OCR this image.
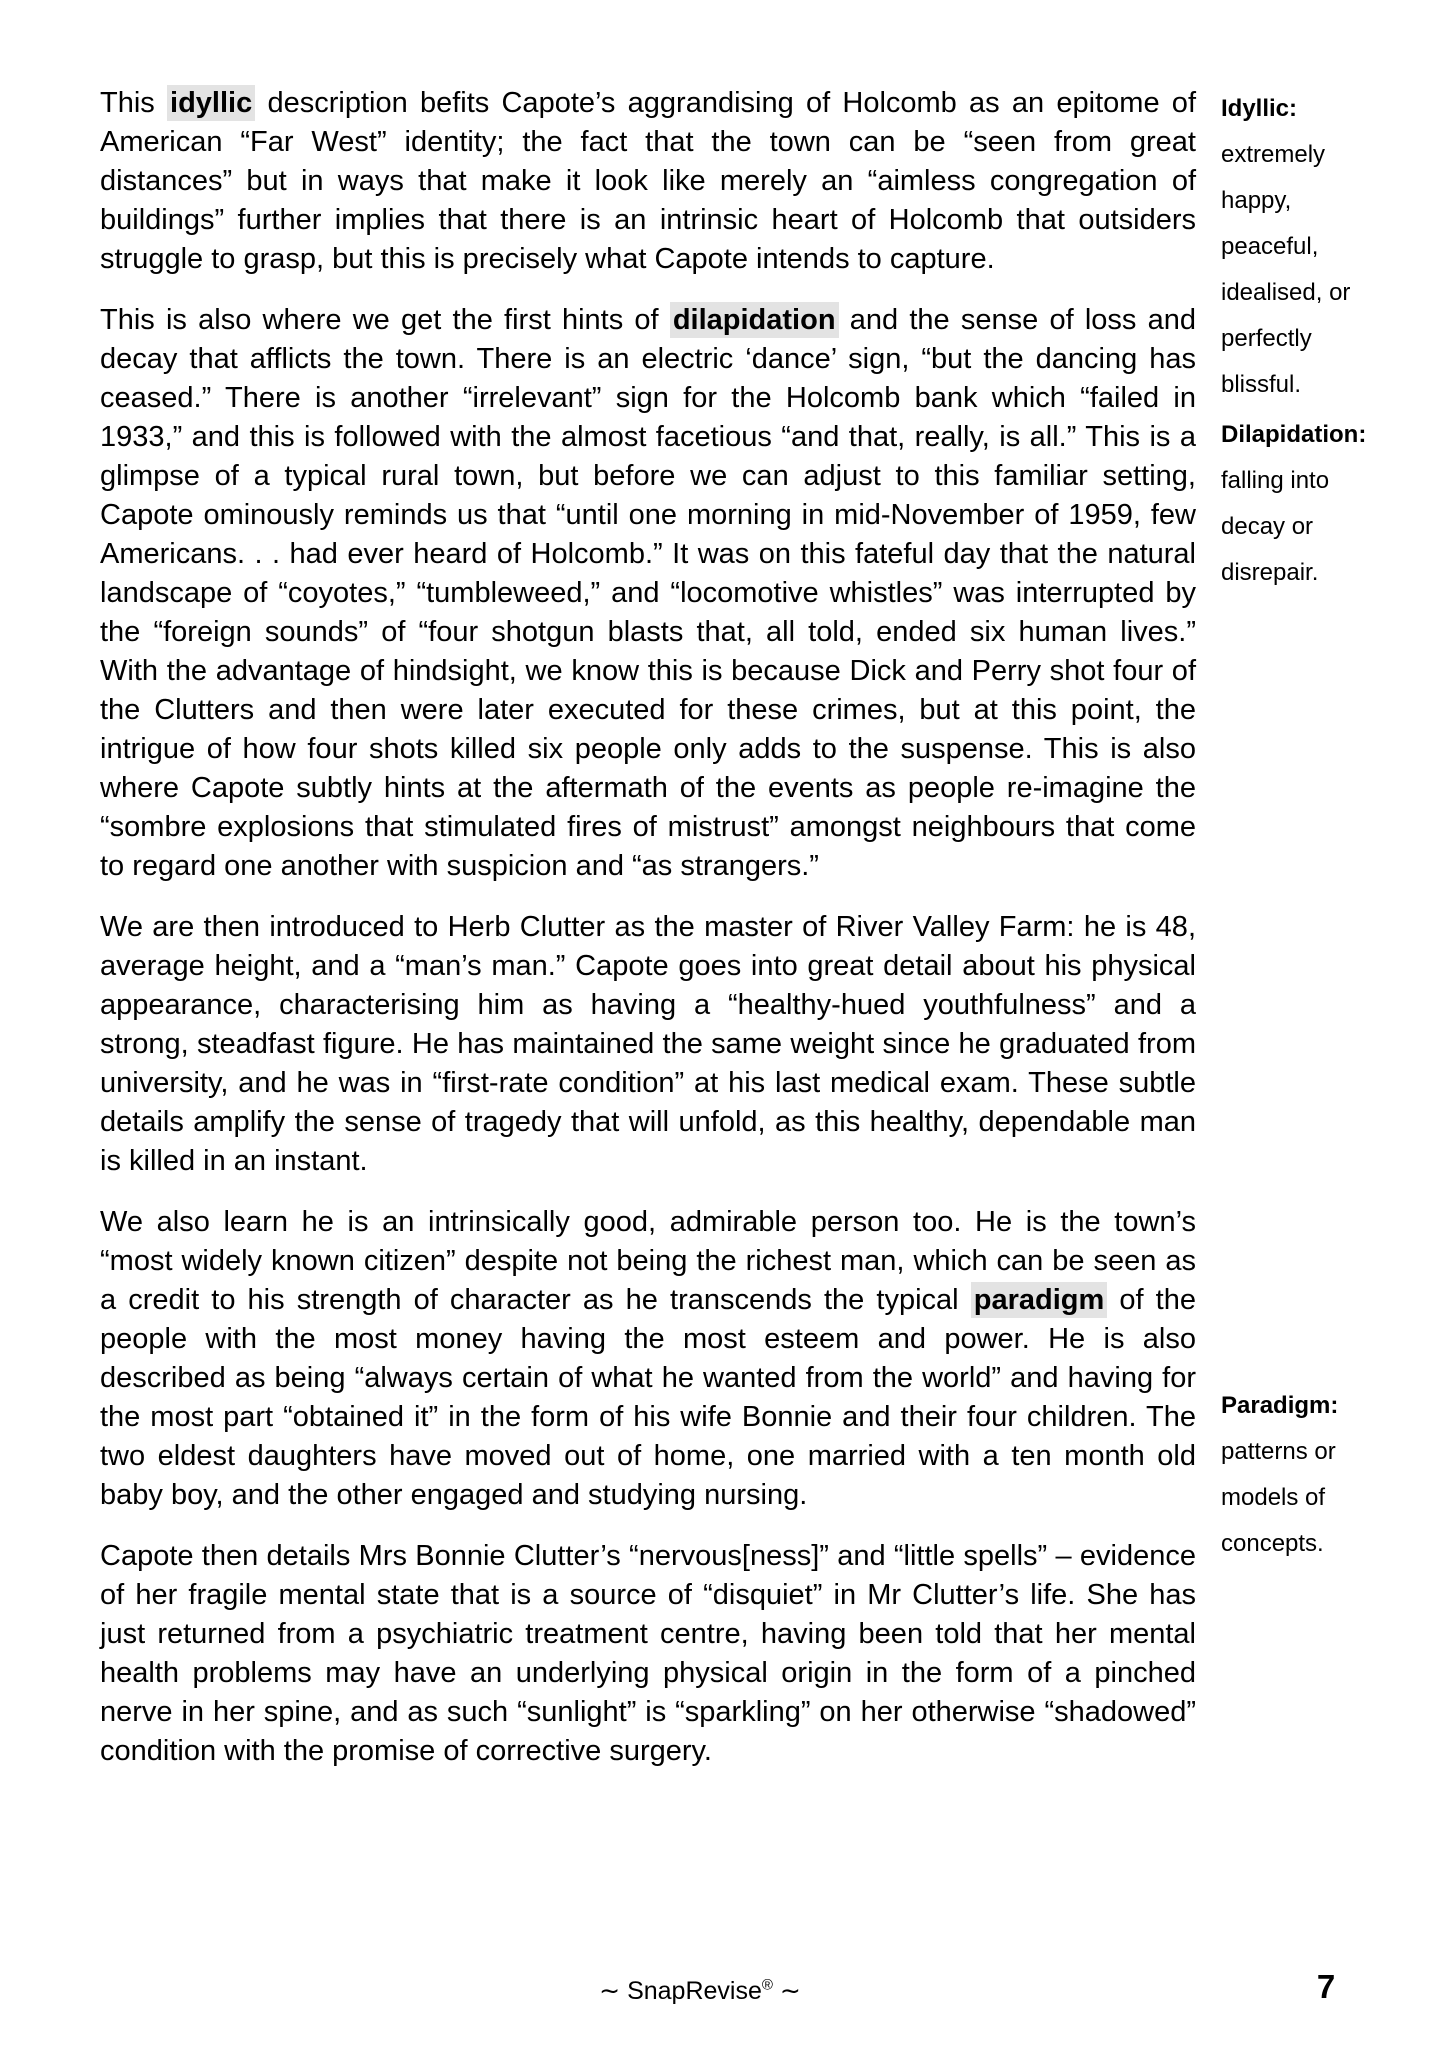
This idyllic description befits Capote’s aggrandising of Holcomb as an epitome of American “Far West” identity; the fact that the town can be “seen from great distances” but in ways that make it look like merely an “aimless congregation of buildings” further implies that there is an intrinsic heart of Holcomb that outsiders struggle to grasp, but this is precisely what Capote intends to capture.

This is also where we get the first hints of dilapidation and the sense of loss and decay that afflicts the town. There is an electric ‘dance’ sign, “but the dancing has ceased.” There is another “irrelevant” sign for the Holcomb bank which “failed in 1933,” and this is followed with the almost facetious “and that, really, is all.” This is a glimpse of a typical rural town, but before we can adjust to this familiar setting, Capote ominously reminds us that “until one morning in mid-November of 1959, few Americans. . . had ever heard of Holcomb.” It was on this fateful day that the natural landscape of “coyotes,” “tumbleweed,” and “locomotive whistles” was interrupted by the “foreign sounds” of “four shotgun blasts that, all told, ended six human lives.” With the advantage of hindsight, we know this is because Dick and Perry shot four of the Clutters and then were later executed for these crimes, but at this point, the intrigue of how four shots killed six people only adds to the suspense. This is also where Capote subtly hints at the aftermath of the events as people re-imagine the “sombre explosions that stimulated fires of mistrust” amongst neighbours that come to regard one another with suspicion and “as strangers.”

We are then introduced to Herb Clutter as the master of River Valley Farm: he is 48, average height, and a “man’s man.” Capote goes into great detail about his physical appearance, characterising him as having a “healthy-hued youthfulness” and a strong, steadfast figure. He has maintained the same weight since he graduated from university, and he was in “first-rate condition” at his last medical exam. These subtle details amplify the sense of tragedy that will unfold, as this healthy, dependable man is killed in an instant.

We also learn he is an intrinsically good, admirable person too. He is the town’s “most widely known citizen” despite not being the richest man, which can be seen as a credit to his strength of character as he transcends the typical paradigm of the people with the most money having the most esteem and power. He is also described as being “always certain of what he wanted from the world” and having for the most part “obtained it” in the form of his wife Bonnie and their four children. The two eldest daughters have moved out of home, one married with a ten month old baby boy, and the other engaged and studying nursing.

Capote then details Mrs Bonnie Clutter’s “nervous[ness]” and “little spells” – evidence of her fragile mental state that is a source of “disquiet” in Mr Clutter’s life. She has just returned from a psychiatric treatment centre, having been told that her mental health problems may have an underlying physical origin in the form of a pinched nerve in her spine, and as such “sunlight” is “sparkling” on her otherwise “shadowed” condition with the promise of corrective surgery.

Idyllic: extremely happy, peaceful, idealised, or perfectly blissful.
Dilapidation: falling into decay or disrepair.
Paradigm: patterns or models of concepts.
∼ SnapRevise® ∼	7
